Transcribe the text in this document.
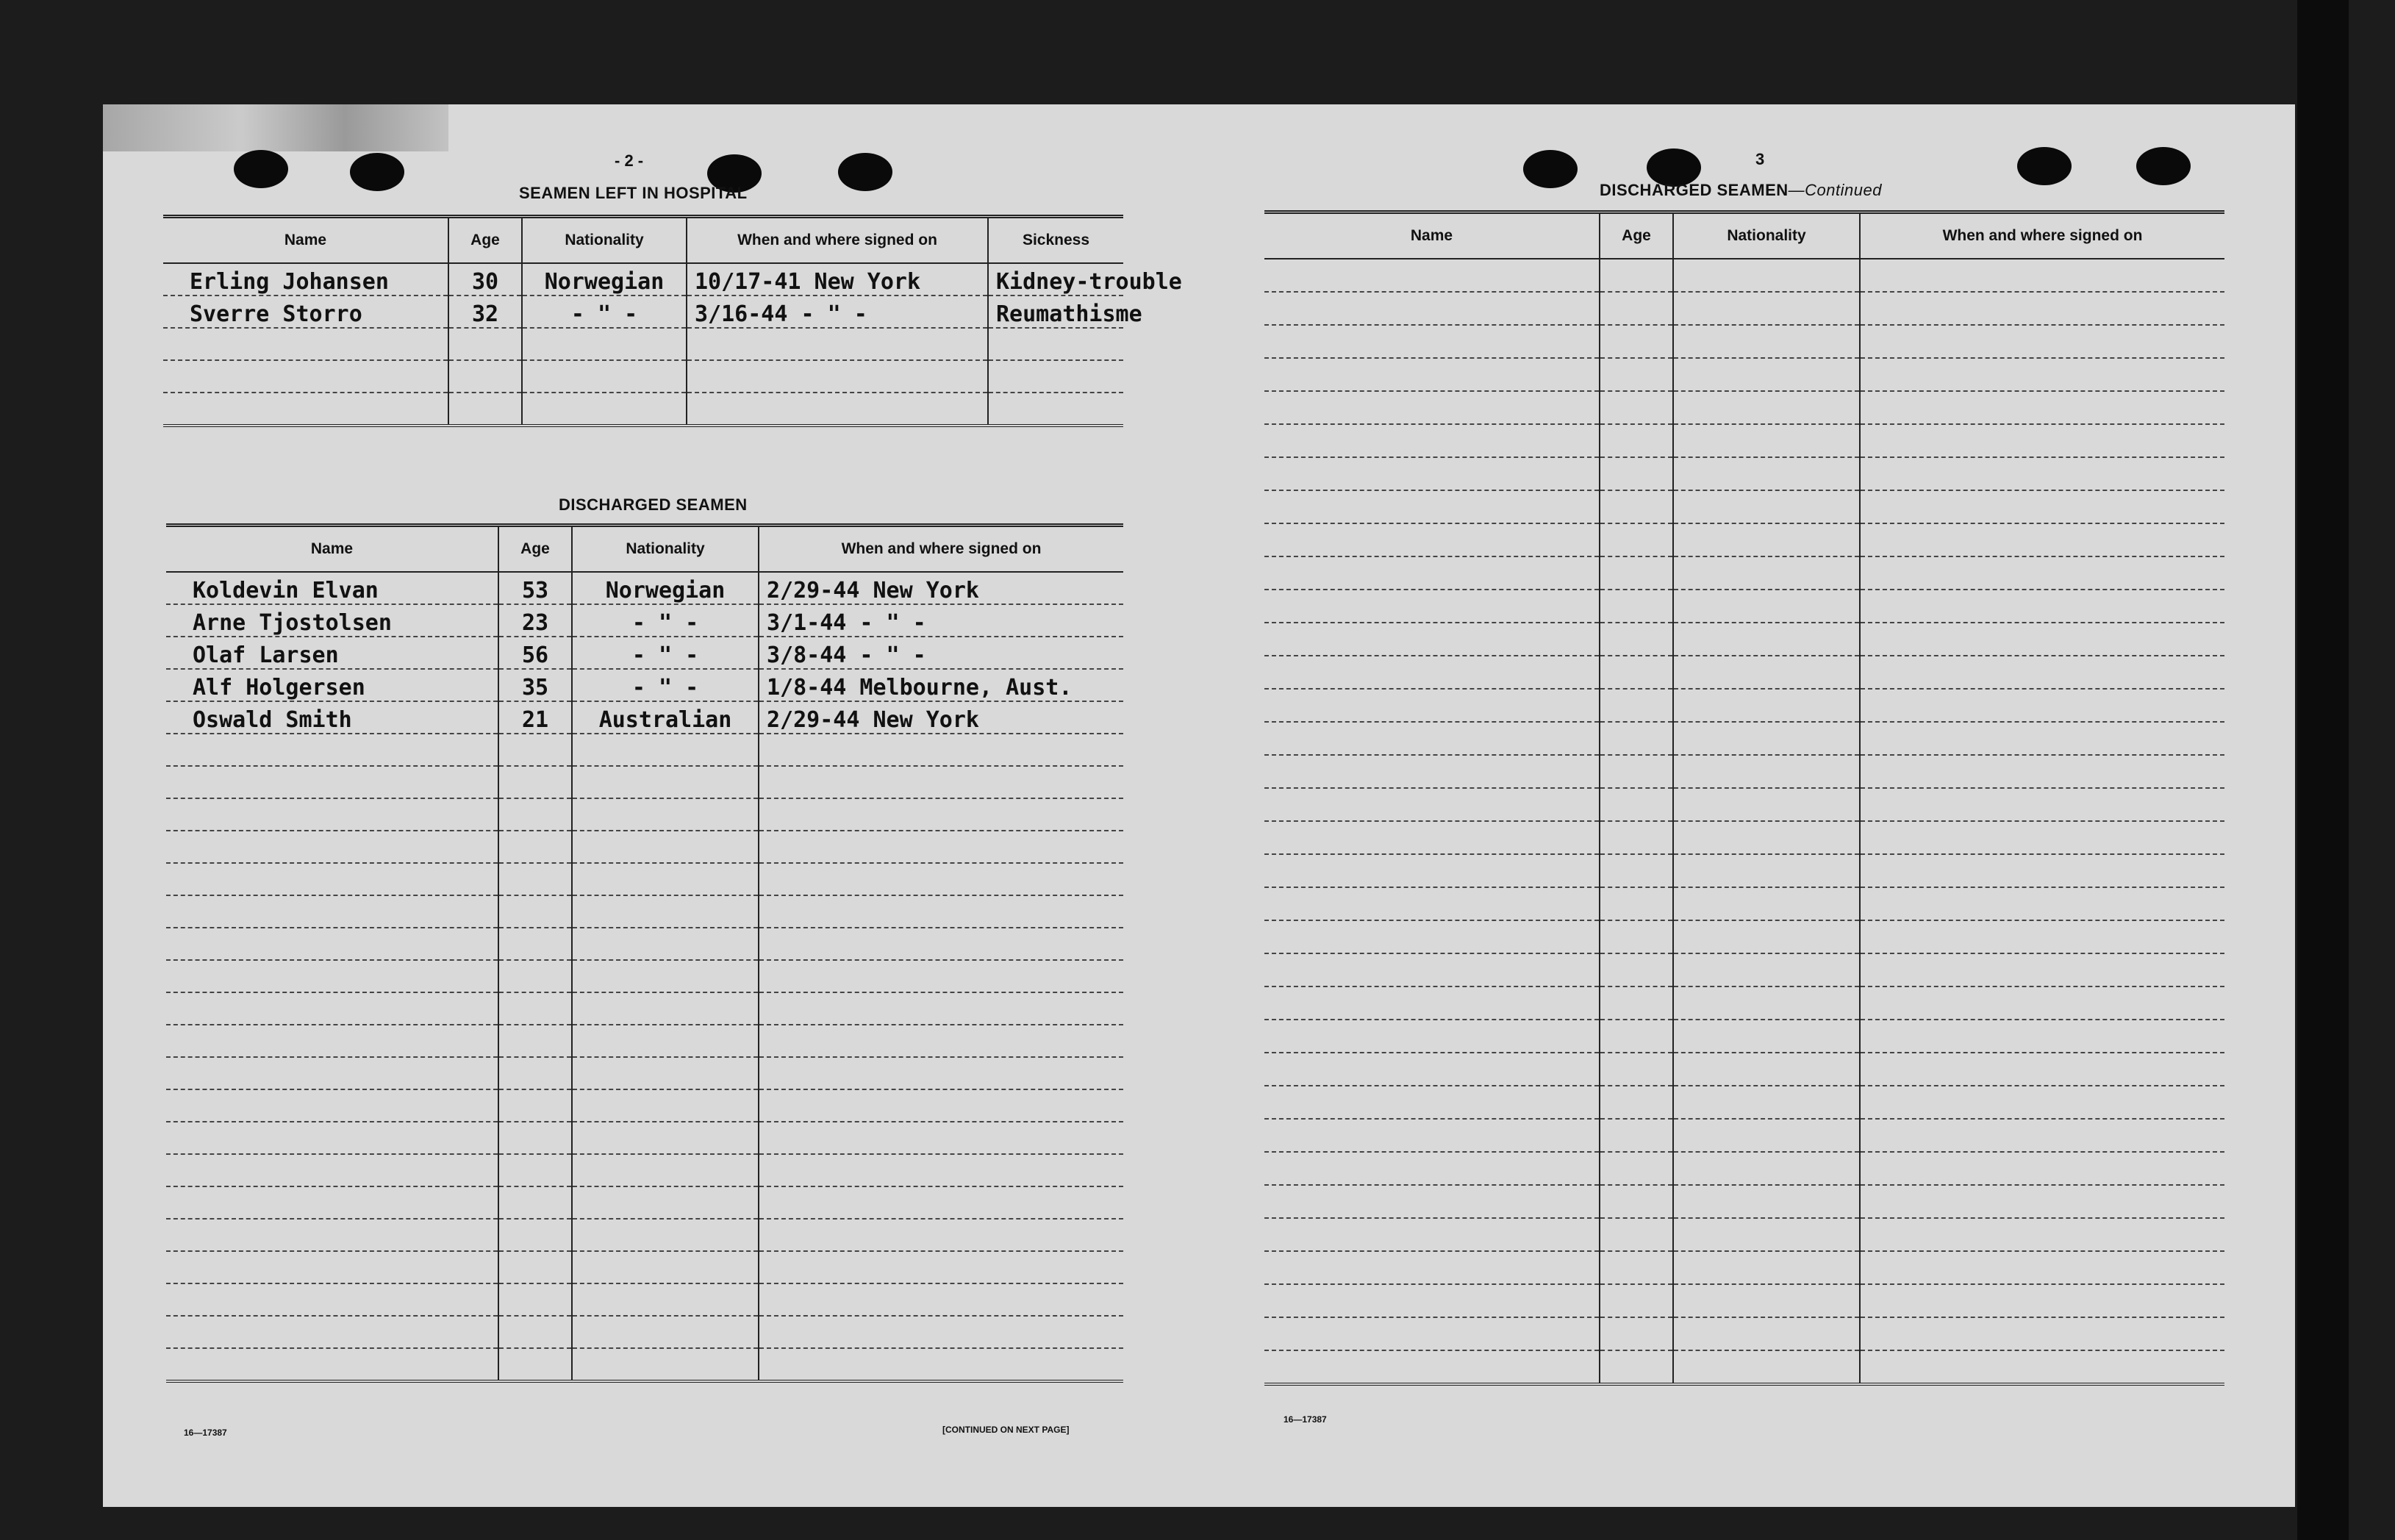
- 2 -
SEAMEN LEFT IN HOSPITAL
Name	Age	Nationality	When and where signed on	Sickness
Erling Johansen	30	Norwegian	10/17-41 New York	Kidney-trouble
Sverre Storro	32	- " -	3/16-44 - " -	Reumathisme

DISCHARGED SEAMEN
Name	Age	Nationality	When and where signed on
Koldevin Elvan	53	Norwegian	2/29-44 New York
Arne Tjostolsen	23	- " -	3/1-44 - " -
Olaf Larsen	56	- " -	3/8-44 - " -
Alf Holgersen	35	- " -	1/8-44 Melbourne, Aust.
Oswald Smith	21	Australian	2/29-44 New York

16—17387	[CONTINUED ON NEXT PAGE]
3
DISCHARGED SEAMEN—Continued
Name	Age	Nationality	When and where signed on

16—17387
